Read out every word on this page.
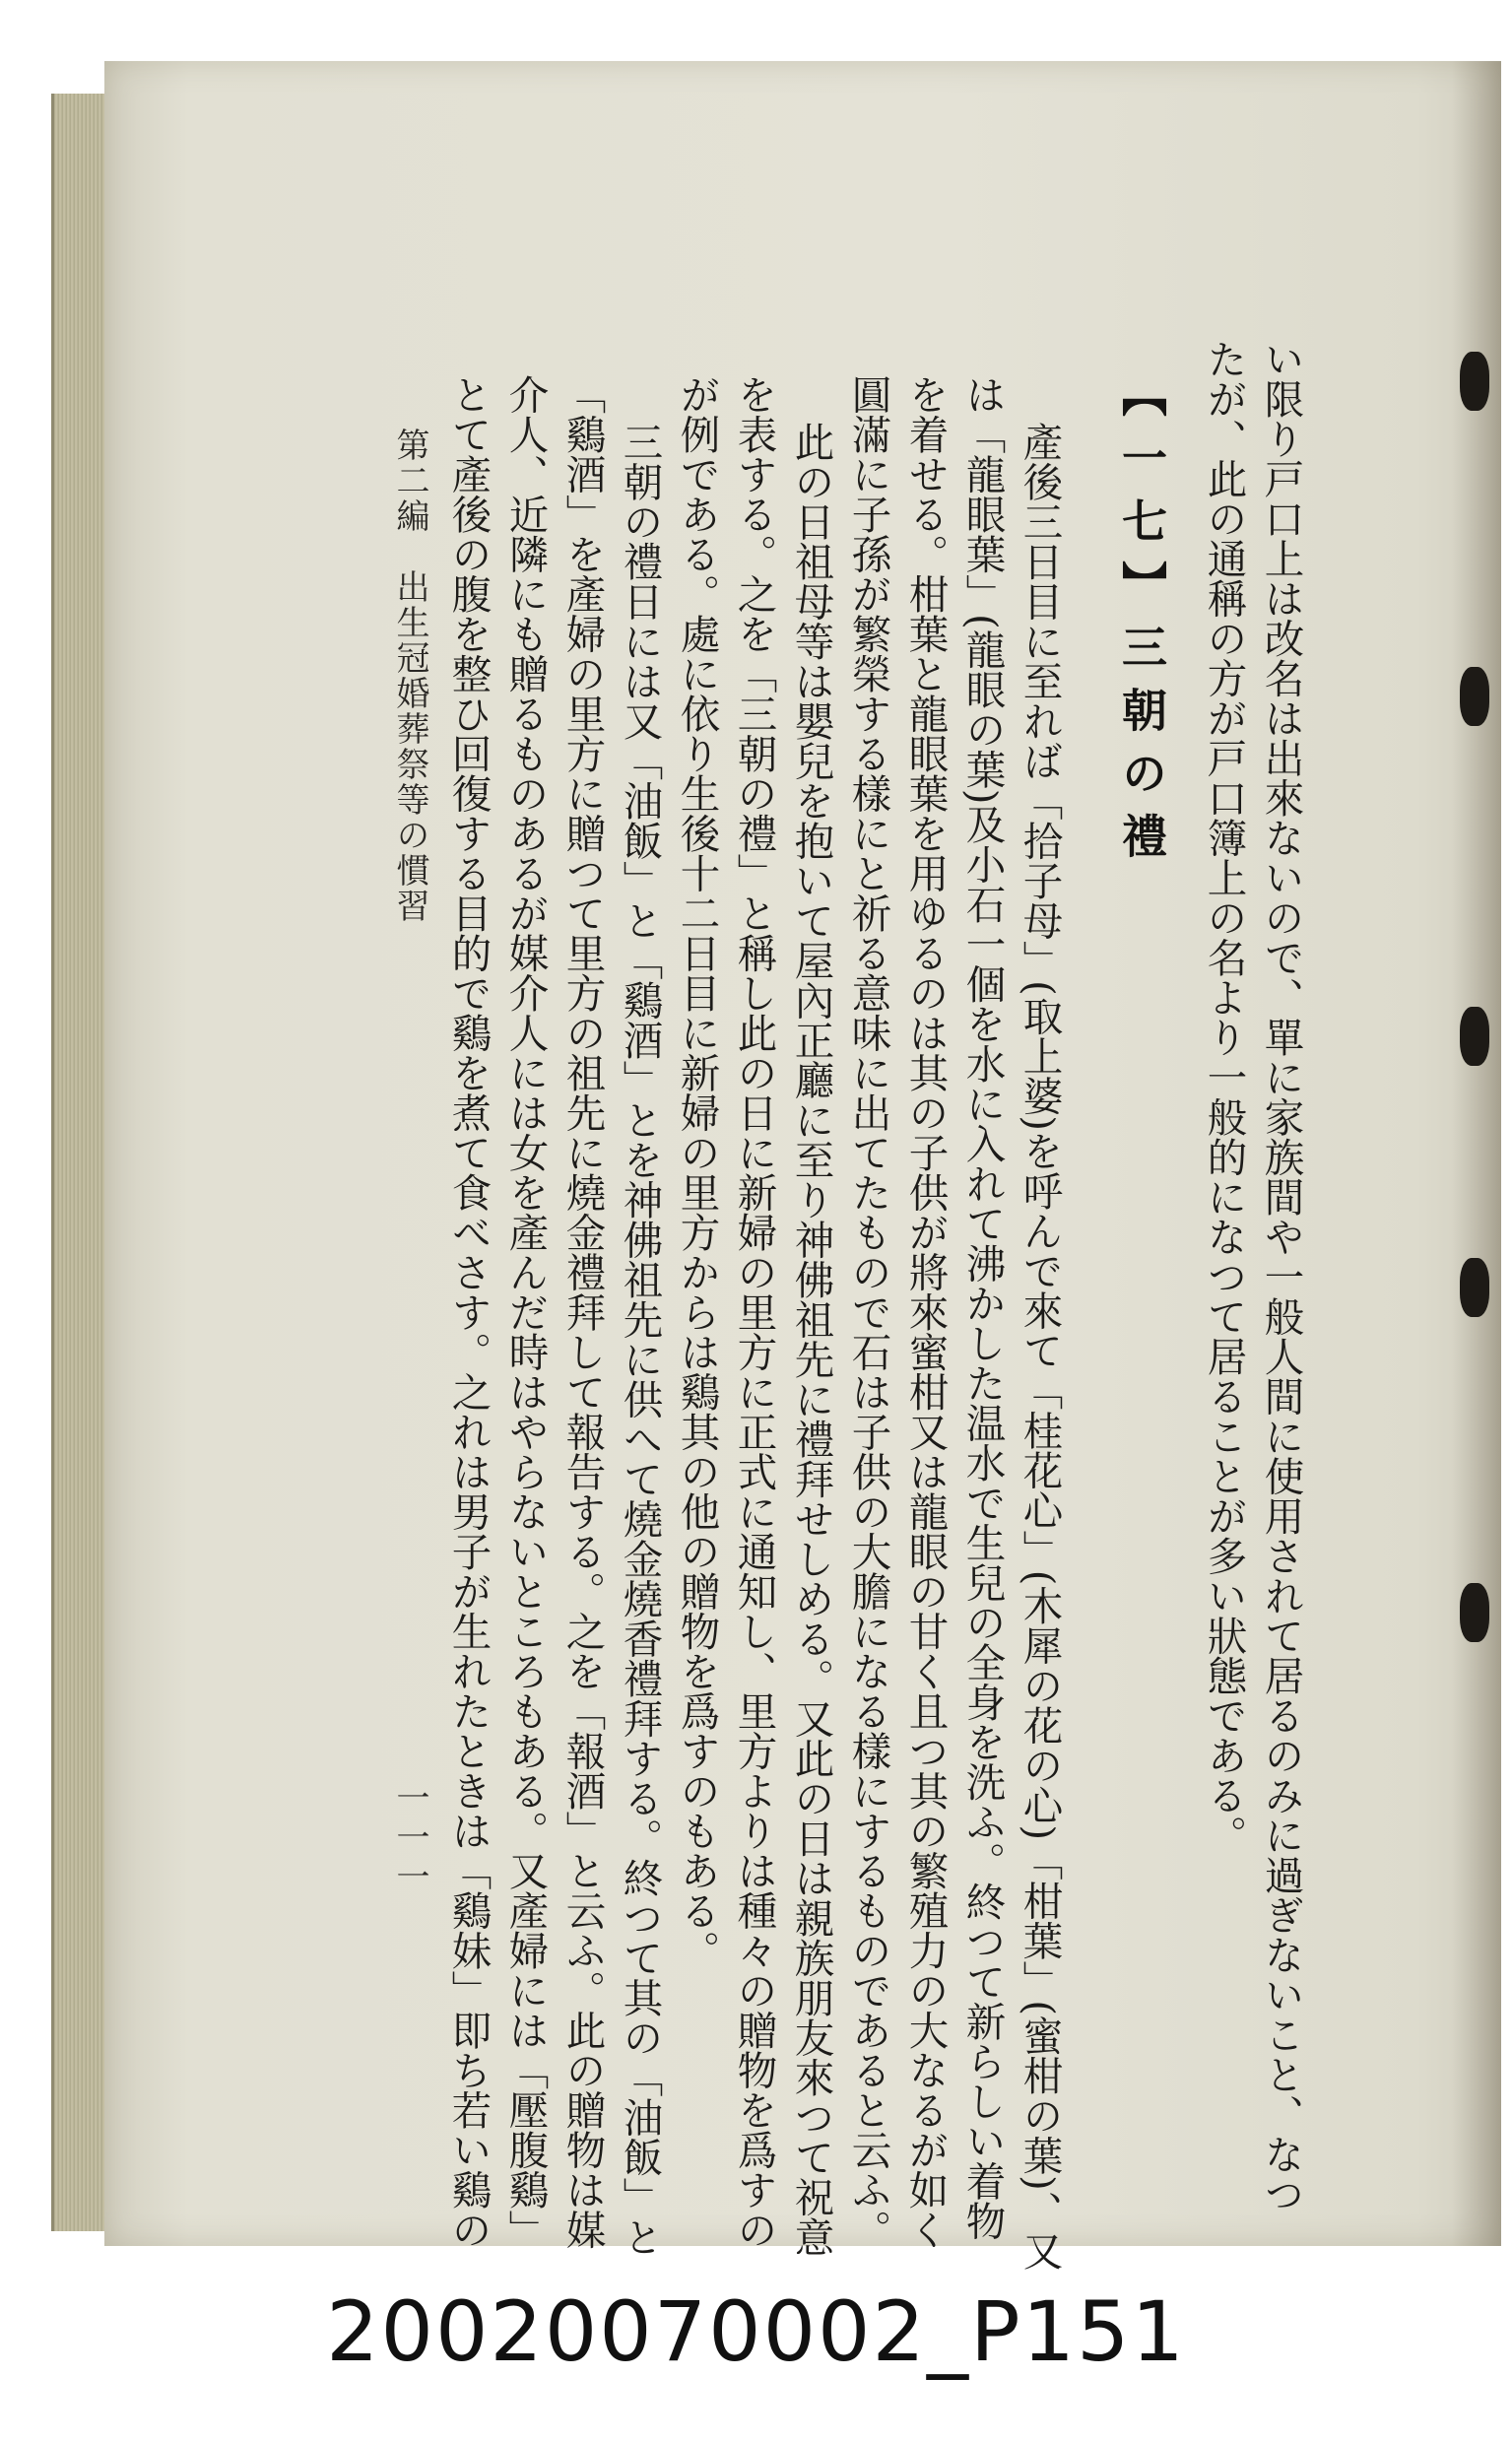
い限り戸口上は改名は出來ないので、單に家族間や一般人間に使用されて居るのみに過ぎないこと、なつ
たが、此の通稱の方が戸口簿上の名より一般的になつて居ることが多い狀態である。
【一七】三朝の禮
產後三日目に至れば「拾子母」(取上婆)を呼んで來て「桂花心」(木犀の花の心)「柑葉」(蜜柑の葉)、又
は「龍眼葉」(龍眼の葉)及小石一個を水に入れて沸かした温水で生兒の全身を洗ふ。終つて新らしい着物
を着せる。柑葉と龍眼葉を用ゆるのは其の子供が將來蜜柑又は龍眼の甘く且つ其の繁殖力の大なるが如く
圓滿に子孫が繁榮する樣にと祈る意味に出てたもので石は子供の大膽になる樣にするものであると云ふ。
此の日祖母等は嬰兒を抱いて屋內正廳に至り神佛祖先に禮拜せしめる。又此の日は親族朋友來つて祝意
を表する。之を「三朝の禮」と稱し此の日に新婦の里方に正式に通知し、里方よりは種々の贈物を爲すの
が例である。處に依り生後十二日目に新婦の里方からは鷄其の他の贈物を爲すのもある。
三朝の禮日には又「油飯」と「鷄酒」とを神佛祖先に供へて燒金燒香禮拜する。終つて其の「油飯」と
「鷄酒」を產婦の里方に贈つて里方の祖先に燒金禮拜して報告する。之を「報酒」と云ふ。此の贈物は媒
介人、近隣にも贈るものあるが媒介人には女を產んだ時はやらないところもある。又產婦には「壓腹鷄」
とて產後の腹を整ひ回復する目的で鷄を煮て食べさす。之れは男子が生れたときは「鷄妹」即ち若い鷄の
第二編　出生冠婚葬祭等の慣習
一一一
20020070002_P151
